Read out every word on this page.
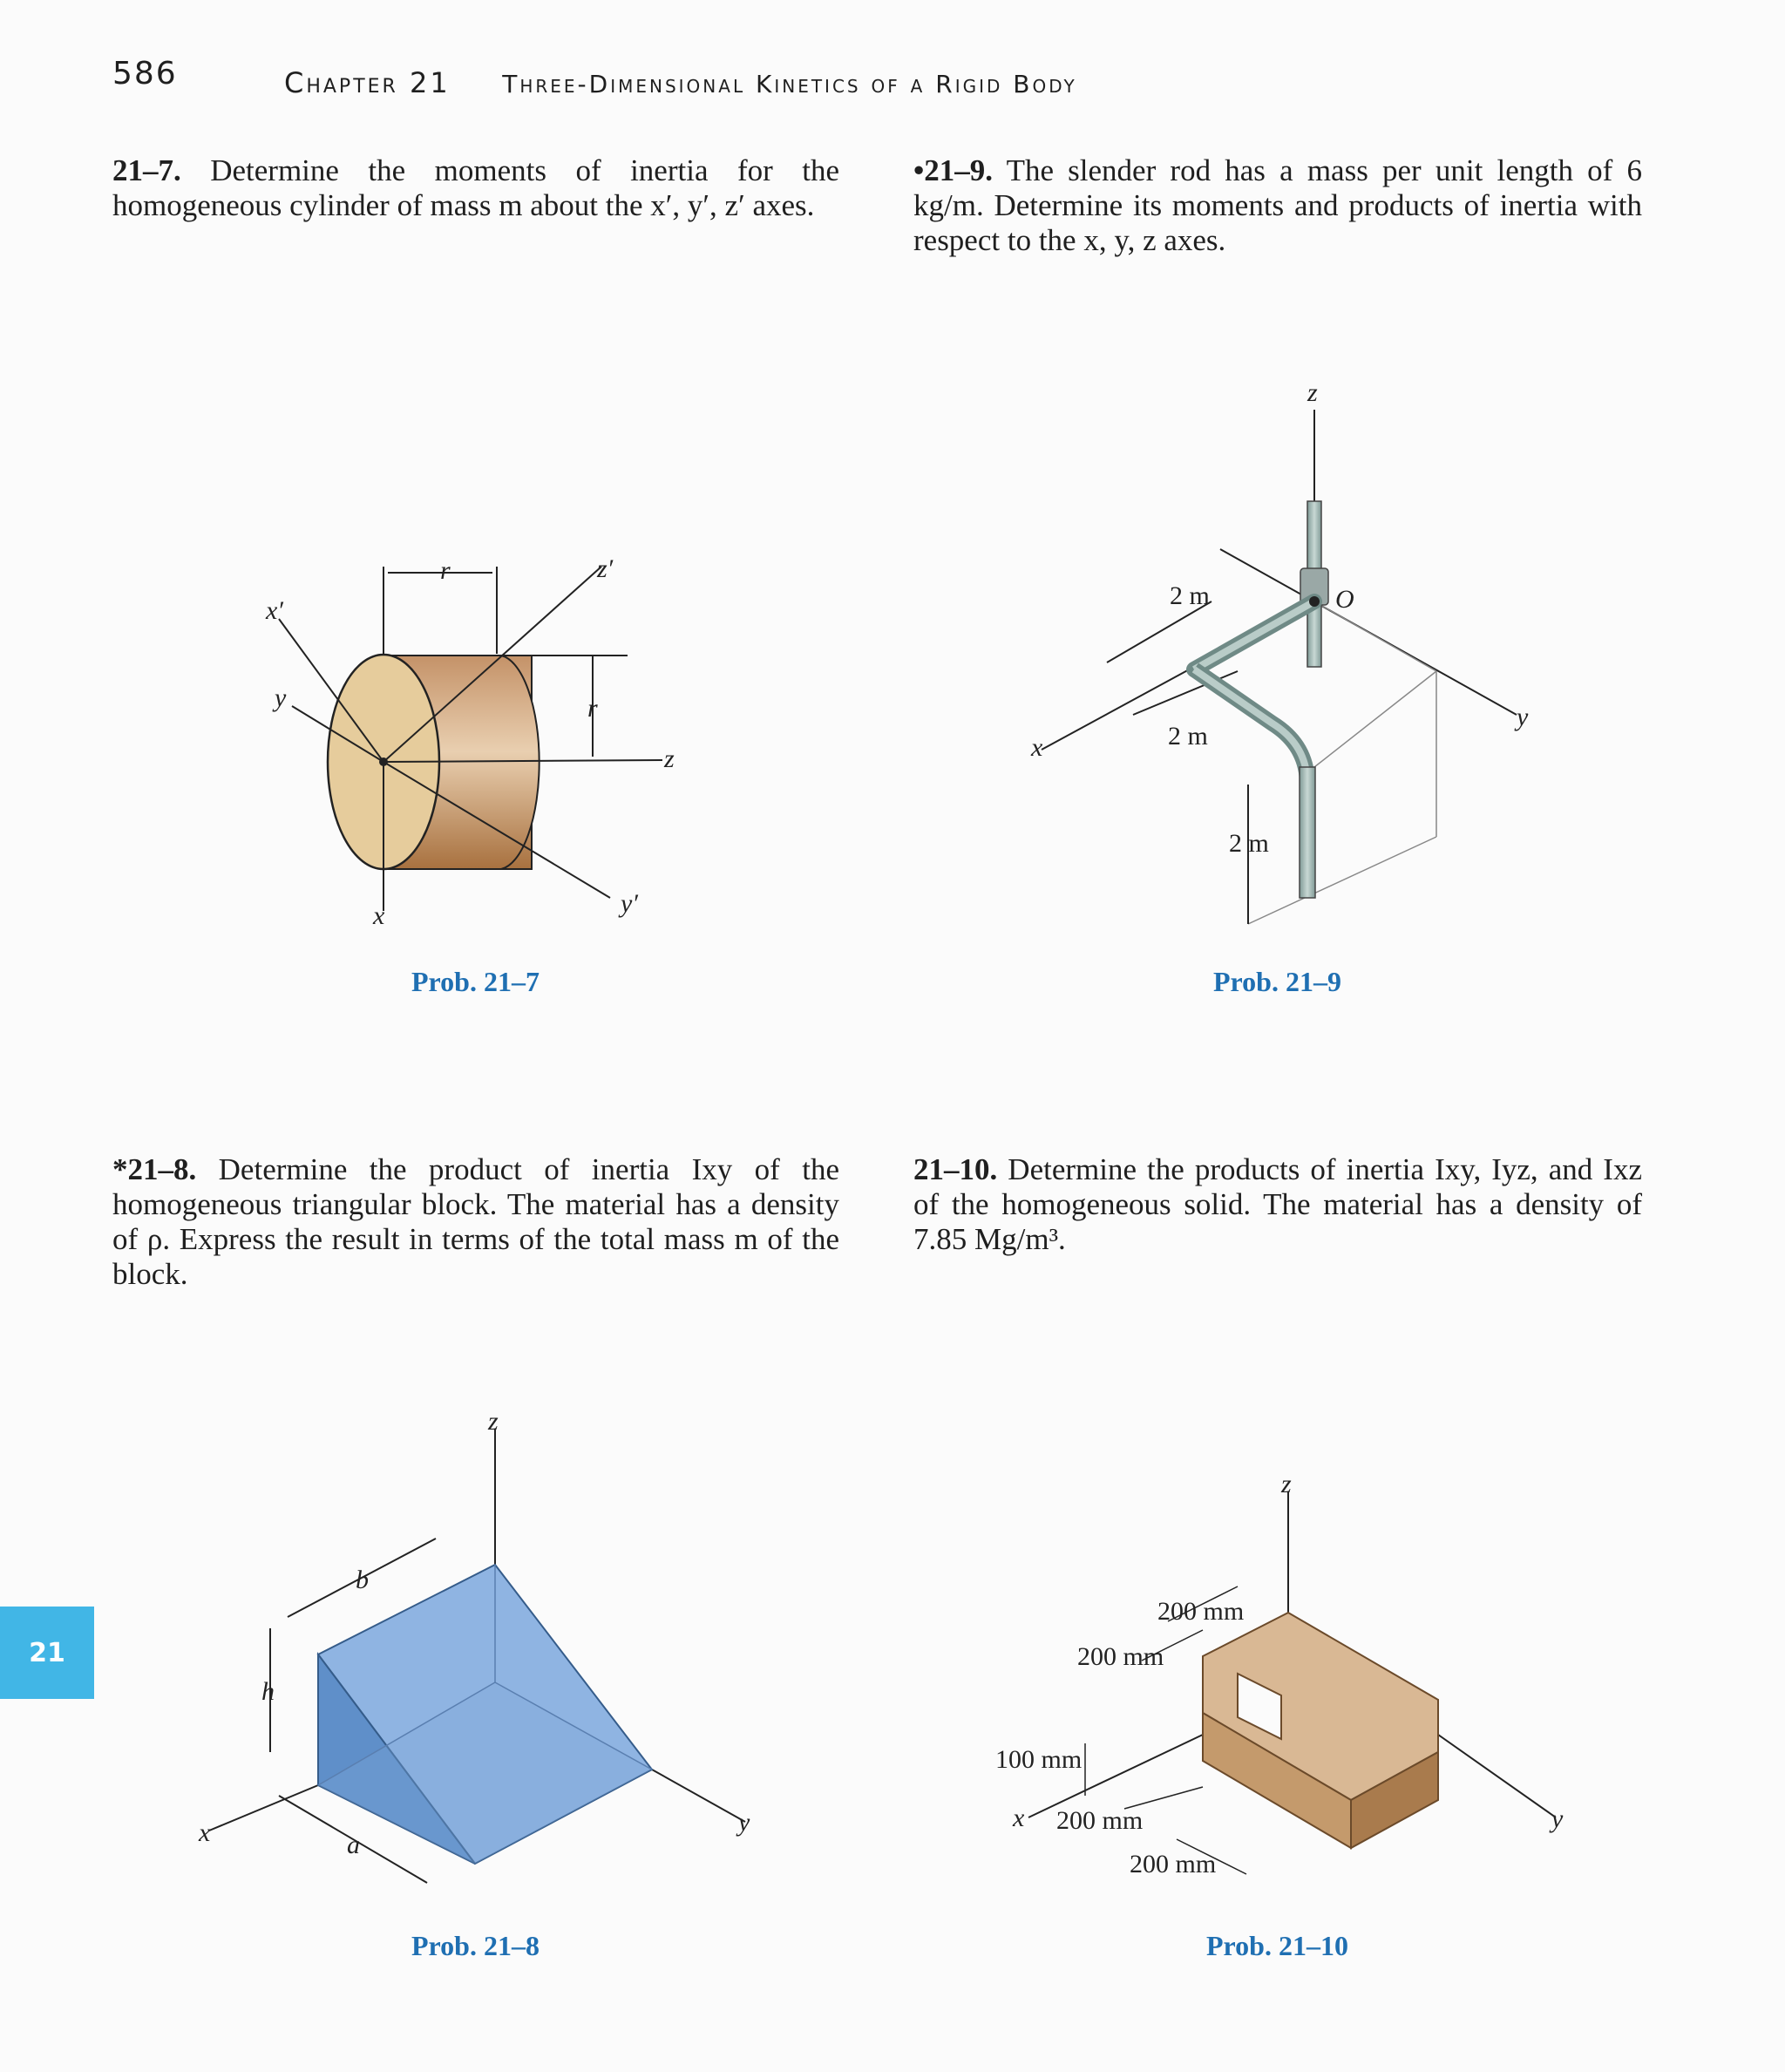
586	Chapter 21 Three-Dimensional Kinetics of a Rigid Body
21–7. Determine the moments of inertia for the homogeneous cylinder of mass m about the x′, y′, z′ axes.
•21–9. The slender rod has a mass per unit length of 6 kg/m. Determine its moments and products of inertia with respect to the x, y, z axes.
*21–8. Determine the product of inertia Ixy of the homogeneous triangular block. The material has a density of ρ. Express the result in terms of the total mass m of the block.
21–10. Determine the products of inertia Ixy, Iyz, and Ixz of the homogeneous solid. The material has a density of 7.85 Mg/m³.
x′
y
r	z′
r
z
y′
x
z
O
2 m
2 m
2 m
x
y
z
b
h
a
x	y
z
200 mm
200 mm
100 mm
200 mm
200 mm
x	y
Prob. 21–7	Prob. 21–9
Prob. 21–8	Prob. 21–10
21
